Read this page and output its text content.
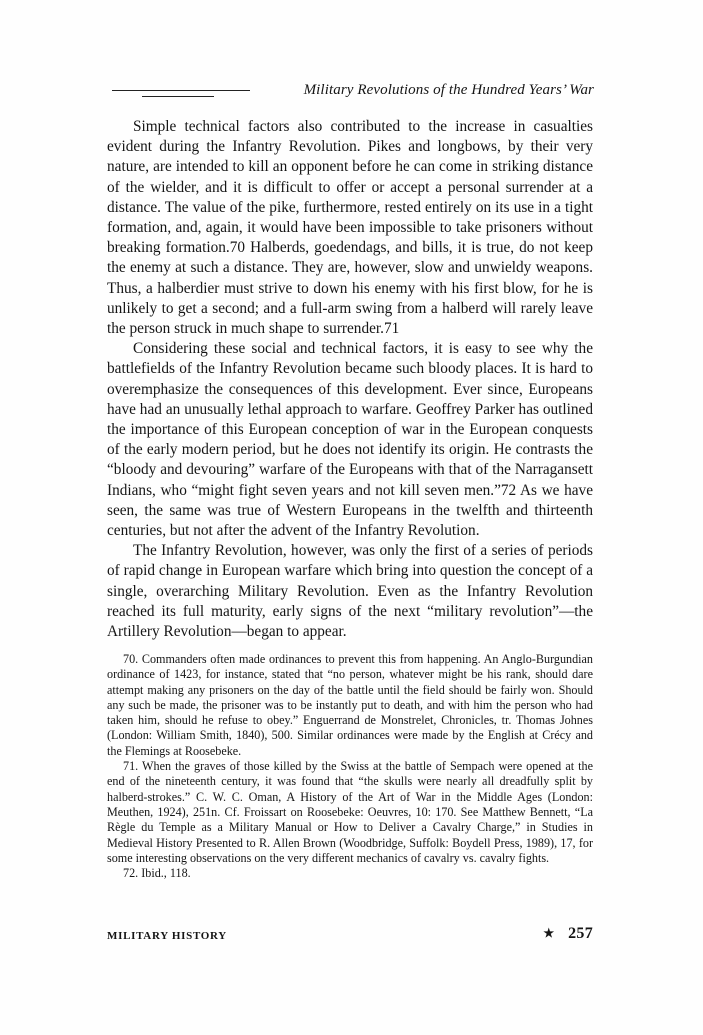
Military Revolutions of the Hundred Years’ War

Simple technical factors also contributed to the increase in casualties evident during the Infantry Revolution. Pikes and longbows, by their very nature, are intended to kill an opponent before he can come in striking distance of the wielder, and it is difficult to offer or accept a personal surrender at a distance. The value of the pike, furthermore, rested entirely on its use in a tight formation, and, again, it would have been impossible to take prisoners without breaking formation.70 Halberds, goedendags, and bills, it is true, do not keep the enemy at such a distance. They are, however, slow and unwieldy weapons. Thus, a halberdier must strive to down his enemy with his first blow, for he is unlikely to get a second; and a full-arm swing from a halberd will rarely leave the person struck in much shape to surrender.71

Considering these social and technical factors, it is easy to see why the battlefields of the Infantry Revolution became such bloody places. It is hard to overemphasize the consequences of this development. Ever since, Europeans have had an unusually lethal approach to warfare. Geoffrey Parker has outlined the importance of this European conception of war in the European conquests of the early modern period, but he does not identify its origin. He contrasts the “bloody and devouring” warfare of the Europeans with that of the Narragansett Indians, who “might fight seven years and not kill seven men.”72 As we have seen, the same was true of Western Europeans in the twelfth and thirteenth centuries, but not after the advent of the Infantry Revolution.

The Infantry Revolution, however, was only the first of a series of periods of rapid change in European warfare which bring into question the concept of a single, overarching Military Revolution. Even as the Infantry Revolution reached its full maturity, early signs of the next “military revolution”—the Artillery Revolution—began to appear.

70. Commanders often made ordinances to prevent this from happening. An Anglo-Burgundian ordinance of 1423, for instance, stated that “no person, whatever might be his rank, should dare attempt making any prisoners on the day of the battle until the field should be fairly won. Should any such be made, the prisoner was to be instantly put to death, and with him the person who had taken him, should he refuse to obey.” Enguerrand de Monstrelet, Chronicles, tr. Thomas Johnes (London: William Smith, 1840), 500. Similar ordinances were made by the English at Crécy and the Flemings at Roosebeke.

71. When the graves of those killed by the Swiss at the battle of Sempach were opened at the end of the nineteenth century, it was found that “the skulls were nearly all dreadfully split by halberd-strokes.” C. W. C. Oman, A History of the Art of War in the Middle Ages (London: Meuthen, 1924), 251n. Cf. Froissart on Roosebeke: Oeuvres, 10: 170. See Matthew Bennett, “La Règle du Temple as a Military Manual or How to Deliver a Cavalry Charge,” in Studies in Medieval History Presented to R. Allen Brown (Woodbridge, Suffolk: Boydell Press, 1989), 17, for some interesting observations on the very different mechanics of cavalry vs. cavalry fights.

72. Ibid., 118.

MILITARY HISTORY	★ 257
